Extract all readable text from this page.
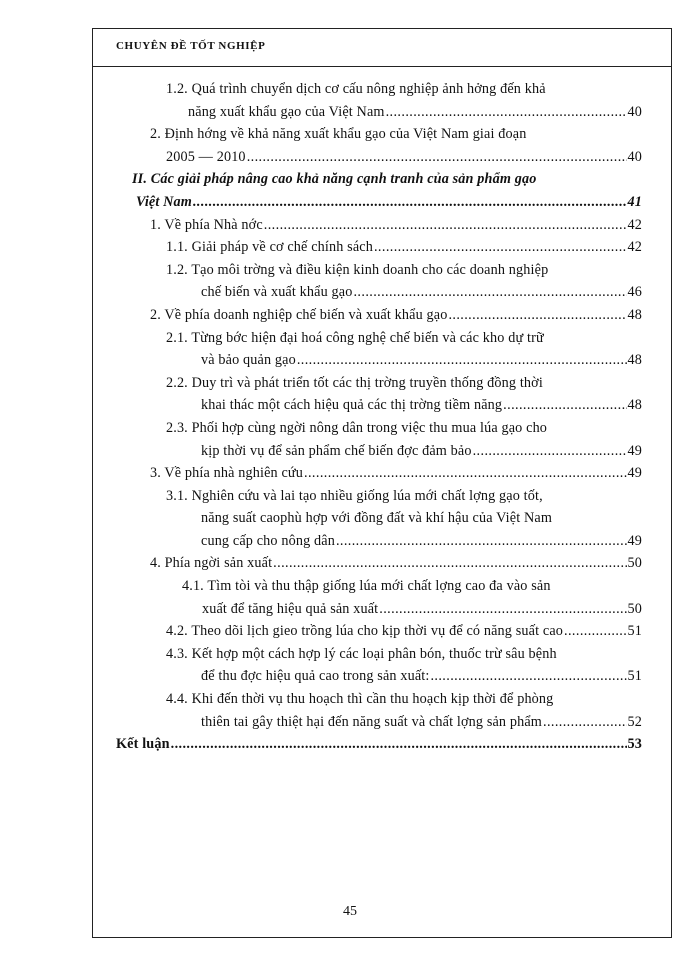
CHUYÊN ĐỀ TỐT NGHIỆP
1.2. Quá trình chuyển dịch cơ cấu nông nghiệp ảnh hởng đến khả
năng xuất khẩu gạo của Việt Nam .....	40
2. Định hớng về khả năng xuất khẩu gạo của Việt Nam giai đoạn
2005 — 2010 .....	40
II. Các giải pháp nâng cao khả năng cạnh tranh của sản phẩm gạo
Việt Nam .....	41
1. Về phía Nhà nớc .....	42
1.1. Giải pháp về cơ chế chính sách .....	42
1.2. Tạo môi trờng và điều kiện kinh doanh cho các doanh nghiệp
chế biến và xuất khẩu gạo .....	46
2. Về phía doanh nghiệp chế biến và xuất khẩu gạo .....	48
2.1. Từng bớc hiện đại hoá công nghệ chế biến và các kho dự trữ
và bảo quản gạo .....	48
2.2. Duy trì và phát triển tốt các thị trờng truyền thống đồng thời
khai thác một cách hiệu quả các thị trờng tiềm năng .....	48
2.3. Phối hợp cùng ngời nông dân trong việc thu mua lúa gạo cho
kịp thời vụ để sản phẩm chế biến đợc đảm bảo .....	49
3. Về phía nhà nghiên cứu .....	49
3.1. Nghiên cứu và lai tạo nhiều giống lúa mới chất lợng gạo tốt,
năng suất caophù hợp với đồng đất và khí hậu của Việt Nam
cung cấp cho nông dân .....	49
4. Phía ngời sản xuất .....	50
4.1. Tìm tòi và thu thập giống lúa mới chất lợng cao đa vào sản
xuất để tăng hiệu quả sản xuất .....	50
4.2. Theo dõi lịch gieo trồng lúa cho kịp thời vụ để có năng suất cao .....	51
4.3. Kết hợp một cách hợp lý các loại phân bón, thuốc trừ sâu bệnh
để thu đợc hiệu quả cao trong sản xuất: .....	51
4.4. Khi đến thời vụ thu hoạch thì cần thu hoạch kịp thời để phòng
thiên tai gây thiệt hại đến năng suất và chất lợng sản phẩm .....	52
Kết luận .....	53
45
